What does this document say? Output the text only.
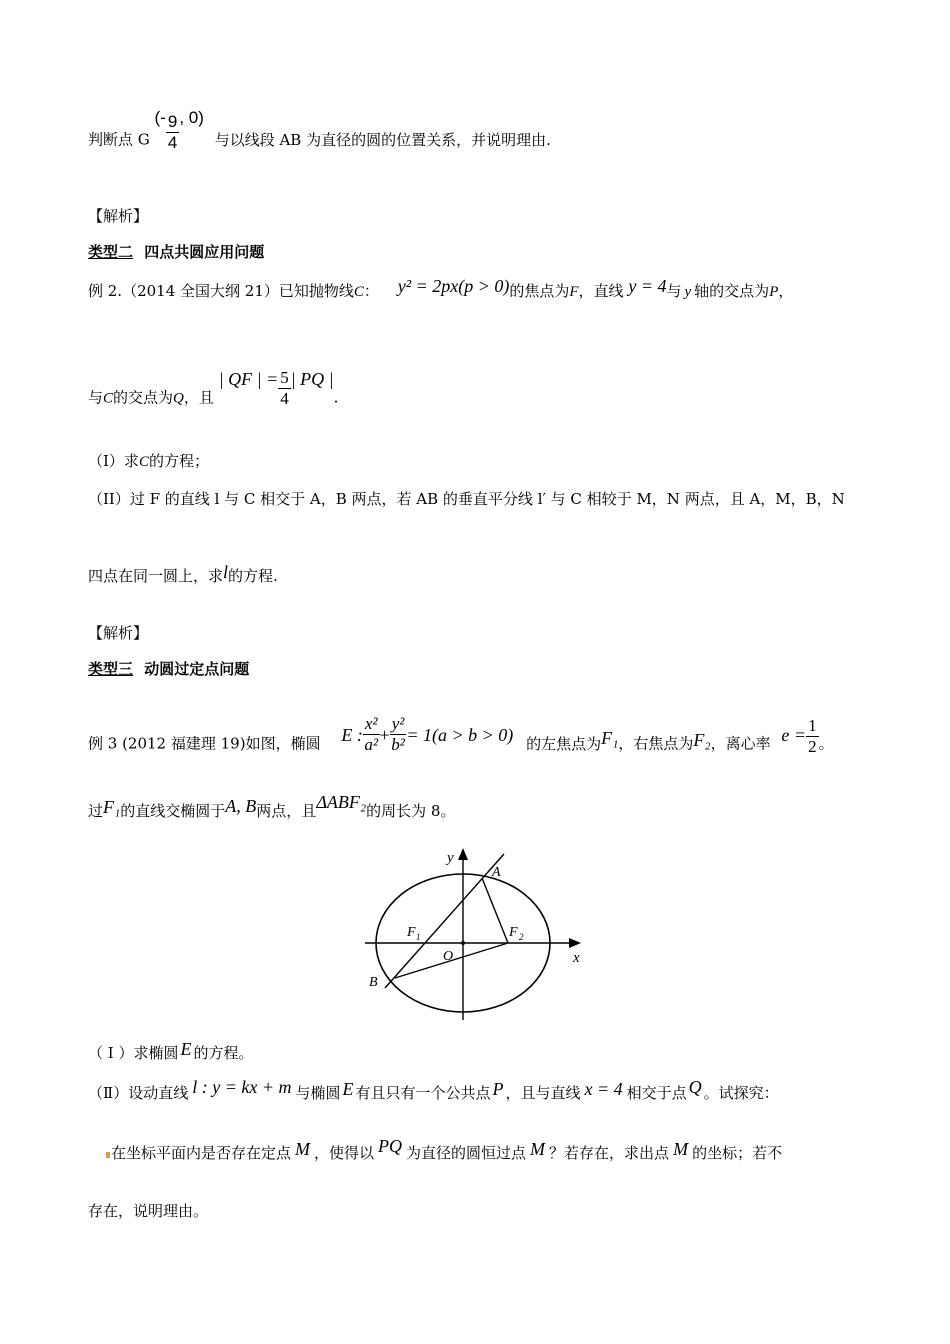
判断点 G (- $\frac{9}{4}$ , 0) 与以线段 AB 为直径的圆的位置关系，并说明理由.
【解析】
类型二 四点共圆应用问题
例 2.（2014 全国大纲 21）已知抛物线C： y² = 2px(p > 0)的焦点为F，直线 y = 4与 y 轴的交点为P，
与C的交点为Q，且 | QF | = $\frac{5}{4}$ | PQ |.
（I）求C的方程；
（II）过 F 的直线 l 与 C 相交于 A，B 两点，若 AB 的垂直平分线 l′ 与 C 相较于 M，N 两点，且 A，M，B，N
四点在同一圆上，求l的方程.
【解析】
类型三 动圆过定点问题
例 3 (2012 福建理 19)如图，椭圆 E : $\frac{\text{x²}}{\text{a²}} + \frac{\text{y²}}{\text{b²}} = 1(a > b > 0)$ 的左焦点为F₁，右焦点为F₂，离心率 $e = \frac{1}{2}$ 。
过F₁的直线交椭圆于A, B两点，且ΔABF₂的周长为 8。
y
x
A
B
O
F 1	F 2
（ I ）求椭圆 E 的方程。
（Ⅱ）设动直线 l : y = kx + m 与椭圆 E 有且只有一个公共点 P ，且与直线 x = 4 相交于点 Q 。试探究：
在坐标平面内是否存在定点 M ，使得以 PQ 为直径的圆恒过点 M ？若存在，求出点 M 的坐标；若不
存在，说明理由。
